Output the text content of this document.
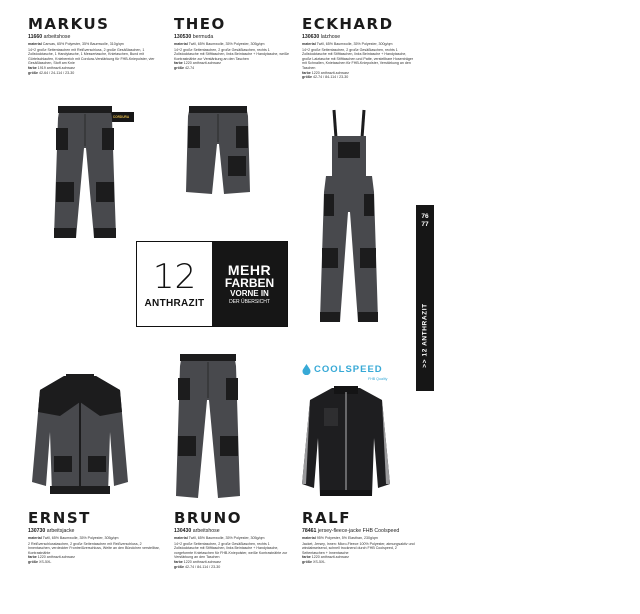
MARKUS
11660 arbeitshose
material Canvas, 65% Polyester, 35% Baumwolle, 310g/qm
14+2 große Seitentaschen mit Reißverschluss, 2 große Gesäßtaschen, 1 Zollstocktasche, 1 Handytasche, 1 Messertasche, Knietaschen, Bund mit Gürtelschlaufen, Kniebereich mit Cordura-Verstärkung für FHB-Kniepolster, vier Gesäßtaschen, Stoff am Knie
farbe 1919 anthrazit-schwarz
größe 42-64 / 24-114 / 23-30
CORDURA
THEO
130530 bermuda
material Twill, 65% Baumwolle, 35% Polyester, 305g/qm
14+2 große Seitentaschen, 2 große Gesäßtaschen, rechts 1 Zollstocktasche mit Stifttaschen, links Beintasche + Handytasche, weiße Kontrastnähte zur Verstärkung an den Taschen
farbe 1220 anthrazit-schwarz
größe 42-74
ECKHARD
130630 latzhose
material Twill, 65% Baumwolle, 35% Polyester, 300g/qm
14+2 große Seitentaschen, 2 große Gesäßtaschen, rechts 1 Zollstocktasche mit Stifttaschen, links Beintasche + Handytasche, große Latztasche mit Stifttaschen und Patte, verstellbare Hosenträger mit Schnallen, Knietaschen für FHB-Kniepolster, Verstärkung an den Taschen
farbe 1220 anthrazit-schwarz
größe 42-74 / 84-114 / 23-30
12
ANTHRAZIT
MEHR
FARBEN
VORNE IN
DER ÜBERSICHT
76
77
>> 12 ANTHRAZIT
COOLSPEED
FHB Quality
ERNST
130730 arbeitsjacke
material Twill, 65% Baumwolle, 35% Polyester, 305g/qm
2 Reißverschlusstaschen, 2 große Seitentaschen mit Reißverschluss, 2 Innentaschen, verdeckter Frontreißverschluss, Weite an den Bündchen verstellbar, Kontrastnähte
farbe 1220 anthrazit-schwarz
größe XS-5XL
BRUNO
130430 arbeitshose
material Twill, 65% Baumwolle, 35% Polyester, 305g/qm
14+2 große Seitentaschen, 2 große Gesäßtaschen, rechts 1 Zollstocktasche mit Stifttaschen, links Beintasche + Handytasche, vorgeformte Knietaschen für FHB-Kniepolster, weiße Kontrastnähte zur Verstärkung an den Taschen
farbe 1220 anthrazit-schwarz
größe 42-74 / 84-114 / 23-30
RALF
78461 jersey-fleece-jacke FHB Coolspeed
material 95% Polyester, 5% Elasthan, 230g/qm
Jacket, Jersey, Innen: Micro-Fleece 100% Polyester, atmungsaktiv und windabweisend, schnell trocknend durch FHB Coolspeed, 2 Seitentaschen + Innentasche
farbe 1220 anthrazit-schwarz
größe XS-5XL
